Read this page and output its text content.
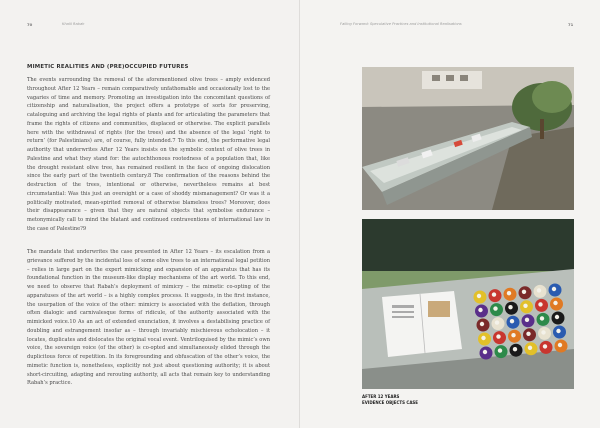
70	Khalil Rabah
MIMETIC REALITIES AND (PRE)OCCUPIED FUTURES

The events surrounding the removal of the aforementioned olive trees – amply evidenced throughout After 12 Years – remain comparatively unfathomable and occasionally lost to the vagaries of time and memory. Promoting an investigation into the concomitant questions of citizenship and naturalisation, the project offers a prototype of sorts for preserving, cataloguing and archiving the legal rights of plants and for articulating the parameters that frame the rights of citizens and communities, displaced or otherwise. The explicit parallels here with the withdrawal of rights (for the trees) and the absence of the legal ‘right to return’ (for Palestinians) are, of course, fully intended.7 To this end, the performative legal authority that underwrites After 12 Years insists on the symbolic context of olive trees in Palestine and what they stand for: the autochthonous rootedness of a population that, like the drought resistant olive tree, has remained resilient in the face of ongoing dislocation since the early part of the twentieth century.8 The confirmation of the reasons behind the destruction of the trees, intentional or otherwise, nevertheless remains at best circumstantial: Was this just an oversight or a case of shoddy mismanagement? Or was it a politically motivated, mean-spirited removal of otherwise blameless trees? Moreover, does their disappearance – given that they are natural objects that symbolise endurance – metonymically call to mind the blatant and continued contraventions of international law in the case of Palestine?9

The mandate that underwrites the case presented in After 12 Years – its escalation from a grievance suffered by the incidental loss of some olive trees to an international legal petition – relies in large part on the expert mimicking and expansion of an apparatus that has its foundational function in the museum-like display mechanisms of the art world. To this end, we need to observe that Rabah’s deployment of mimicry – the mimetic co-opting of the apparatuses of the art world – is a highly complex process. It suggests, in the first instance, the usurpation of the voice of the other: mimicry is associated with the deflation, through often dialogic and carnivalesque forms of ridicule, of the authority associated with the mimicked voice.10 As an act of extended enunciation, it involves a destabilising practice of doubling and estrangement insofar as – through invariably mischievous echolocation – it locates, duplicates and dislocates the original vocal event. Ventriloquised by the mimic’s own voice, the sovereign voice (of the other) is co-opted and simultaneously elided through the duplicitous force of repetition. In its foregrounding and obfuscation of the other’s voice, the mimetic function is, nonetheless, explicitly not just about questioning authority; it is about short-circuiting, adapting and rerouting authority, all acts that remain key to understanding Rabah’s practice.

Falling Forward: Speculative Practices and Institutional Realisations	71
AFTER 12 YEARS
EVIDENCE OBJECTS CASE
